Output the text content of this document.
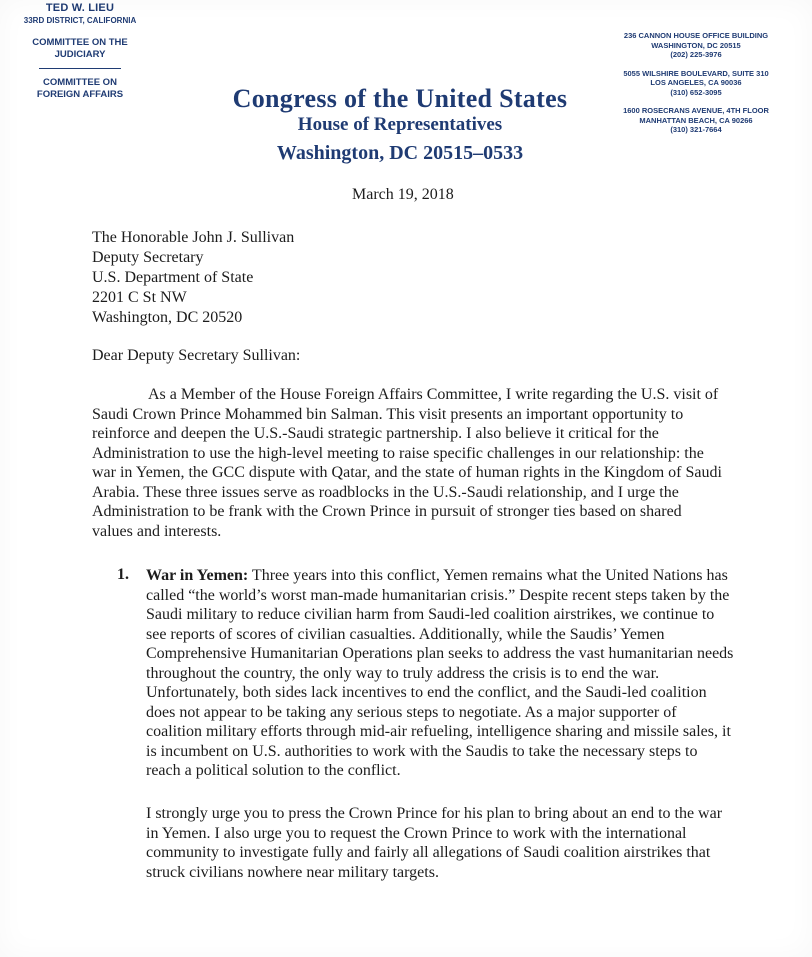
TED W. LIEU
33RD DISTRICT, CALIFORNIA
COMMITTEE ON THE JUDICIARY
COMMITTEE ON FOREIGN AFFAIRS	Congress of the United States
House of Representatives
Washington, DC 20515–0533
236 CANNON HOUSE OFFICE BUILDING
WASHINGTON, DC 20515
(202) 225-3976
5055 WILSHIRE BOULEVARD, SUITE 310
LOS ANGELES, CA 90036
(310) 652-3095
1600 ROSECRANS AVENUE, 4TH FLOOR
MANHATTAN BEACH, CA 90266
(310) 321-7664
March 19, 2018
The Honorable John J. Sullivan
Deputy Secretary
U.S. Department of State
2201 C St NW
Washington, DC 20520
Dear Deputy Secretary Sullivan:

As a Member of the House Foreign Affairs Committee, I write regarding the U.S. visit of Saudi Crown Prince Mohammed bin Salman. This visit presents an important opportunity to reinforce and deepen the U.S.-Saudi strategic partnership. I also believe it critical for the Administration to use the high-level meeting to raise specific challenges in our relationship: the war in Yemen, the GCC dispute with Qatar, and the state of human rights in the Kingdom of Saudi Arabia. These three issues serve as roadblocks in the U.S.-Saudi relationship, and I urge the Administration to be frank with the Crown Prince in pursuit of stronger ties based on shared values and interests.

1. War in Yemen: Three years into this conflict, Yemen remains what the United Nations has called “the world’s worst man-made humanitarian crisis.” Despite recent steps taken by the Saudi military to reduce civilian harm from Saudi-led coalition airstrikes, we continue to see reports of scores of civilian casualties. Additionally, while the Saudis’ Yemen Comprehensive Humanitarian Operations plan seeks to address the vast humanitarian needs throughout the country, the only way to truly address the crisis is to end the war. Unfortunately, both sides lack incentives to end the conflict, and the Saudi-led coalition does not appear to be taking any serious steps to negotiate. As a major supporter of coalition military efforts through mid-air refueling, intelligence sharing and missile sales, it is incumbent on U.S. authorities to work with the Saudis to take the necessary steps to reach a political solution to the conflict.

I strongly urge you to press the Crown Prince for his plan to bring about an end to the war in Yemen. I also urge you to request the Crown Prince to work with the international community to investigate fully and fairly all allegations of Saudi coalition airstrikes that struck civilians nowhere near military targets.
